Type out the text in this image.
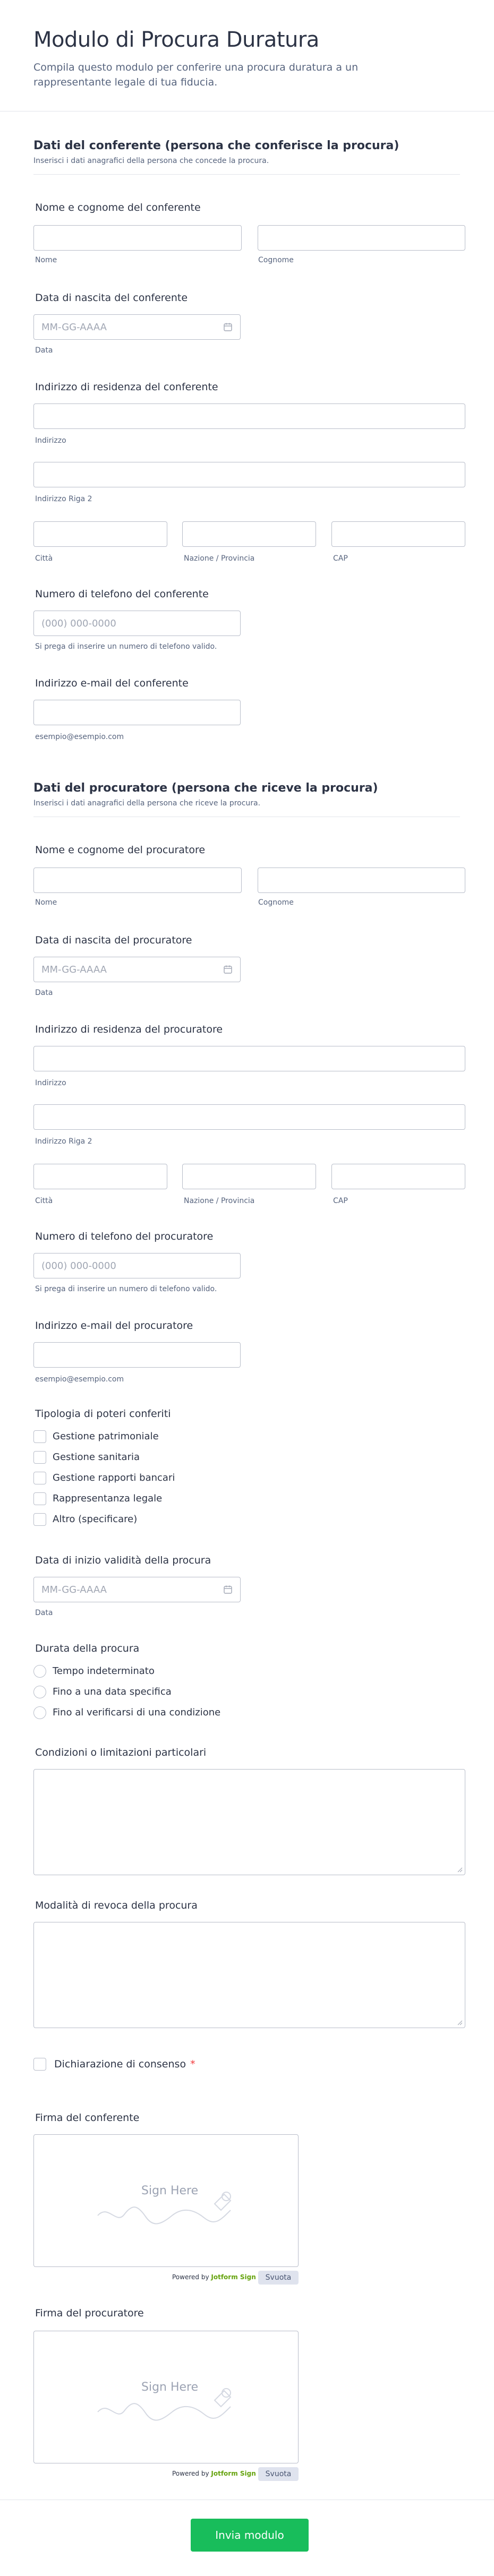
Modulo di Procura Duratura
Compila questo modulo per conferire una procura duratura a un rappresentante legale di tua fiducia.
Dati del conferente (persona che conferisce la procura)
Inserisci i dati anagrafici della persona che concede la procura.
Nome e cognome del conferente
Nome	Cognome
Data di nascita del conferente
MM-GG-AAAA
Data
Indirizzo di residenza del conferente
Indirizzo
Indirizzo Riga 2
Città	Nazione / Provincia	CAP
Numero di telefono del conferente
(000) 000-0000
Si prega di inserire un numero di telefono valido.
Indirizzo e-mail del conferente
esempio@esempio.com
Dati del procuratore (persona che riceve la procura)
Inserisci i dati anagrafici della persona che riceve la procura.
Nome e cognome del procuratore
Nome	Cognome
Data di nascita del procuratore
MM-GG-AAAA
Data
Indirizzo di residenza del procuratore
Indirizzo
Indirizzo Riga 2
Città	Nazione / Provincia	CAP
Numero di telefono del procuratore
(000) 000-0000
Si prega di inserire un numero di telefono valido.
Indirizzo e-mail del procuratore
esempio@esempio.com
Tipologia di poteri conferiti
Gestione patrimoniale
Gestione sanitaria
Gestione rapporti bancari
Rappresentanza legale
Altro (specificare)
Data di inizio validità della procura
MM-GG-AAAA
Data
Durata della procura
Tempo indeterminato
Fino a una data specifica
Fino al verificarsi di una condizione
Condizioni o limitazioni particolari
Modalità di revoca della procura
Dichiarazione di consenso *
Firma del conferente
Sign Here
Powered by Jotform Sign	Svuota
Firma del procuratore
Sign Here
Powered by Jotform Sign	Svuota
Invia modulo
